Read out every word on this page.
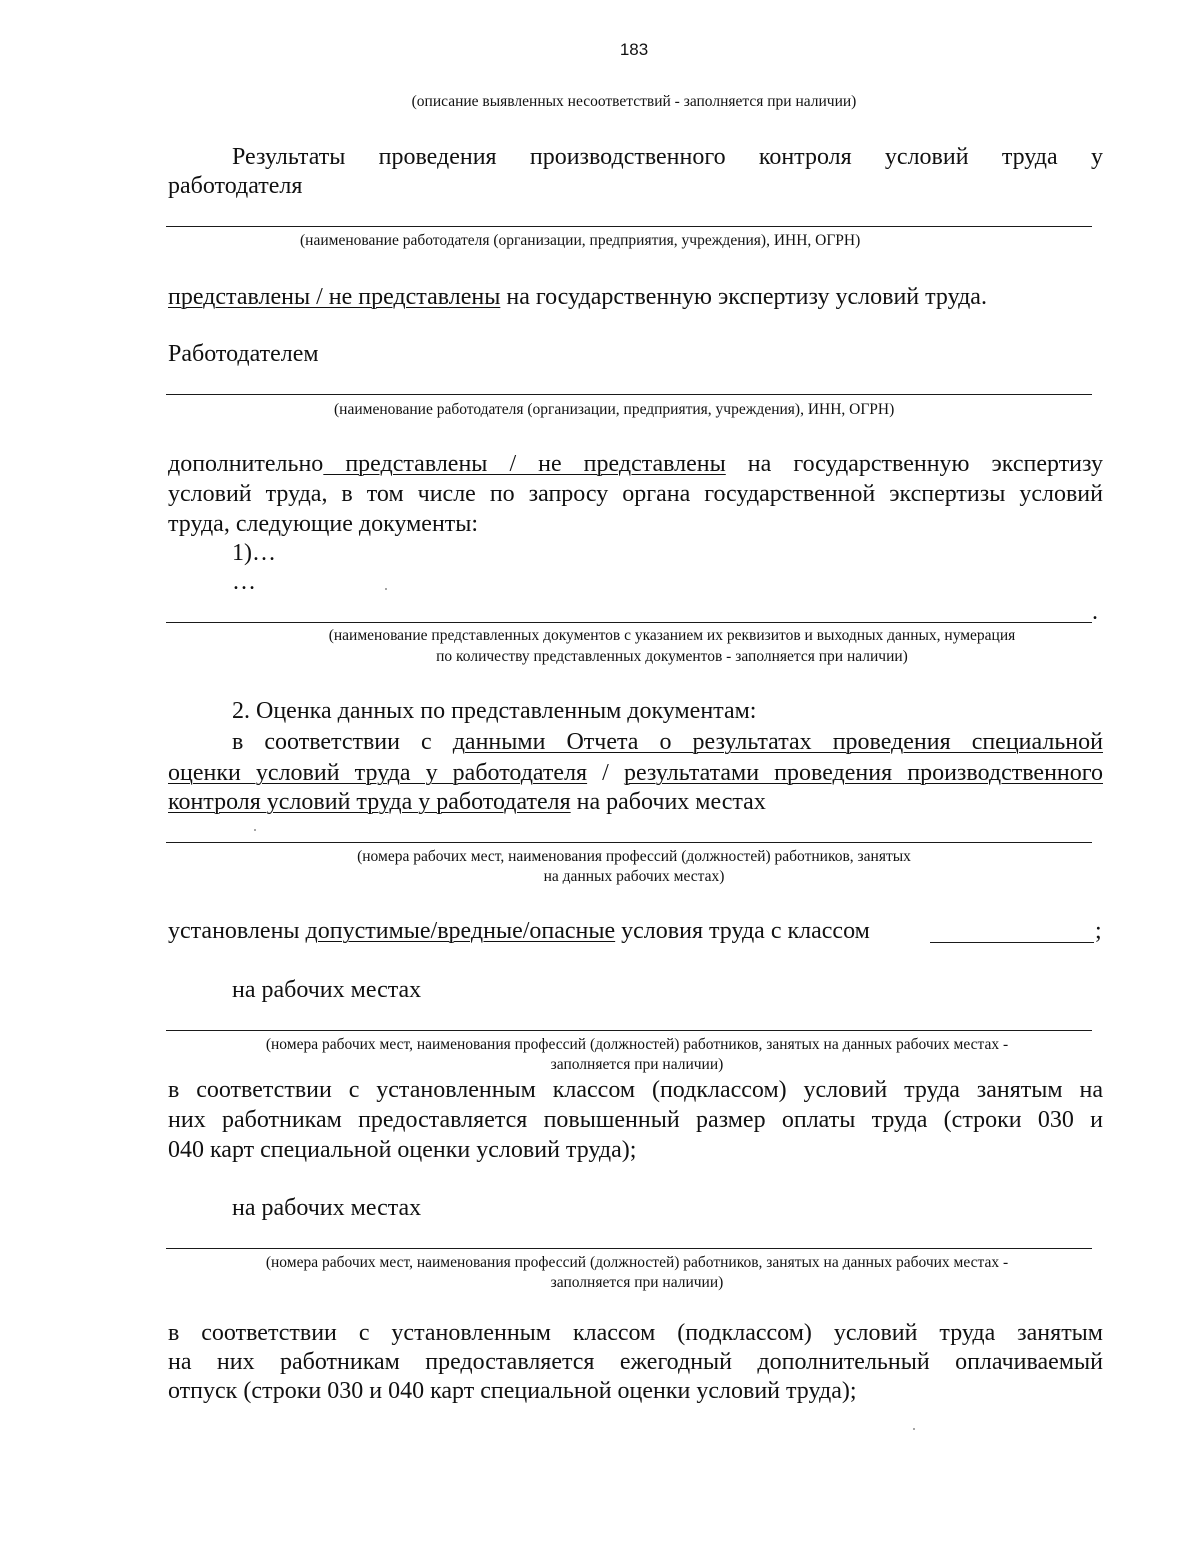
183
(описание выявленных несоответствий - заполняется при наличии)
Результаты проведения производственного контроля условий труда у
работодателя
(наименование работодателя (организации, предприятия, учреждения), ИНН, ОГРН)
представлены / не представлены на государственную экспертизу условий труда.
Работодателем
(наименование работодателя (организации, предприятия, учреждения), ИНН, ОГРН)
дополнительно представлены / не представлены на государственную экспертизу
условий труда, в том числе по запросу органа государственной экспертизы условий
труда, следующие документы:
1)…
…
.
(наименование представленных документов с указанием их реквизитов и выходных данных, нумерация
по количеству представленных документов - заполняется при наличии)
2. Оценка данных по представленным документам:
в соответствии с данными Отчета о результатах проведения специальной
оценки условий труда у работодателя / результатами проведения производственного
контроля условий труда у работодателя на рабочих местах
(номера рабочих мест, наименования профессий (должностей) работников, занятых
на данных рабочих местах)
установлены допустимые/вредные/опасные условия труда с классом	;
на рабочих местах
(номера рабочих мест, наименования профессий (должностей) работников, занятых на данных рабочих местах -
заполняется при наличии)
в соответствии с установленным классом (подклассом) условий труда занятым на
них работникам предоставляется повышенный размер оплаты труда (строки 030 и
040 карт специальной оценки условий труда);
на рабочих местах
(номера рабочих мест, наименования профессий (должностей) работников, занятых на данных рабочих местах -
заполняется при наличии)
в соответствии с установленным классом (подклассом) условий труда занятым
на них работникам предоставляется ежегодный дополнительный оплачиваемый
отпуск (строки 030 и 040 карт специальной оценки условий труда);
